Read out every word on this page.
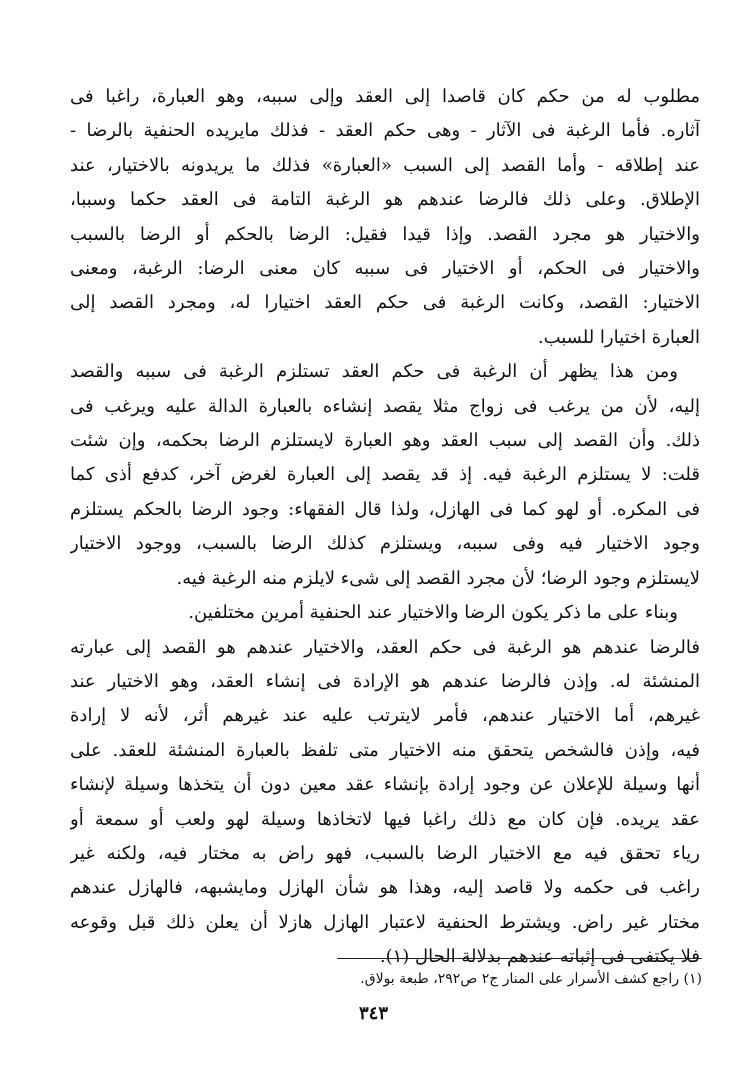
مطلوب له من حكم كان قاصدا إلى العقد وإلى سببه، وهو العبارة، راغبا فى
آثاره. فأما الرغبة فى الآثار - وهى حكم العقد - فذلك مايريده الحنفية بالرضا -
عند إطلاقه - وأما القصد إلى السبب «العبارة» فذلك ما يريدونه بالاختيار، عند
الإطلاق. وعلى ذلك فالرضا عندهم هو الرغبة التامة فى العقد حكما وسببا،
والاختيار هو مجرد القصد. وإذا قيدا فقيل: الرضا بالحكم أو الرضا بالسبب
والاختيار فى الحكم، أو الاختيار فى سببه كان معنى الرضا: الرغبة، ومعنى
الاختيار: القصد، وكانت الرغبة فى حكم العقد اختيارا له، ومجرد القصد إلى
العبارة اختيارا للسبب.
ومن هذا يظهر أن الرغبة فى حكم العقد تستلزم الرغبة فى سببه والقصد
إليه، لأن من يرغب فى زواج مثلا يقصد إنشاءه بالعبارة الدالة عليه ويرغب فى
ذلك. وأن القصد إلى سبب العقد وهو العبارة لايستلزم الرضا بحكمه، وإن شئت
قلت: لا يستلزم الرغبة فيه. إذ قد يقصد إلى العبارة لغرض آخر، كدفع أذى كما
فى المكره. أو لهو كما فى الهازل، ولذا قال الفقهاء: وجود الرضا بالحكم يستلزم
وجود الاختيار فيه وفى سببه، ويستلزم كذلك الرضا بالسبب، ووجود الاختيار
لايستلزم وجود الرضا؛ لأن مجرد القصد إلى شىء لايلزم منه الرغبة فيه.
وبناء على ما ذكر يكون الرضا والاختيار عند الحنفية أمرين مختلفين.
فالرضا عندهم هو الرغبة فى حكم العقد، والاختيار عندهم هو القصد إلى عبارته
المنشئة له. وإذن فالرضا عندهم هو الإرادة فى إنشاء العقد، وهو الاختيار عند
غيرهم، أما الاختيار عندهم، فأمر لايترتب عليه عند غيرهم أثر، لأنه لا إرادة
فيه، وإذن فالشخص يتحقق منه الاختيار متى تلفظ بالعبارة المنشئة للعقد. على
أنها وسيلة للإعلان عن وجود إرادة بإنشاء عقد معين دون أن يتخذها وسيلة لإنشاء
عقد يريده. فإن كان مع ذلك راغبا فيها لاتخاذها وسيلة لهو ولعب أو سمعة أو
رياء تحقق فيه مع الاختيار الرضا بالسبب، فهو راض به مختار فيه، ولكنه غير
راغب فى حكمه ولا قاصد إليه، وهذا هو شأن الهازل ومايشبهه، فالهازل عندهم
مختار غير راض. ويشترط الحنفية لاعتبار الهازل هازلا أن يعلن ذلك قبل وقوعه
فلا يكتفى فى إثباته عندهم بدلالة الحال (١).
(١) راجع كشف الأسرار على المنار ج٢ ص٢٩٢، طبعة بولاق.
٣٤٣
